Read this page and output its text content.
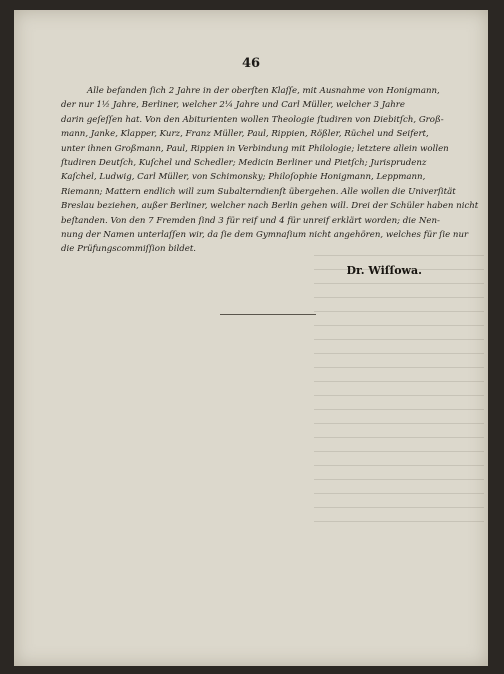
46
Alle befanden ſich 2 Jahre in der oberſten Klaſſe, mit Ausnahme von Honigmann,
der nur 1½ Jahre, Berliner, welcher 2¼ Jahre und Carl Müller, welcher 3 Jahre
darin geſeſſen hat. Von den Abiturienten wollen Theologie ſtudiren von Diebitſch, Groß-
mann, Janke, Klapper, Kurz, Franz Müller, Paul, Rippien, Rößler, Rüchel und Seifert,
unter ihnen Großmann, Paul, Rippien in Verbindung mit Philologie; letztere allein wollen
ſtudiren Deutſch, Kuſchel und Schedler; Medicin Berliner und Pietſch; Jurisprudenz
Kaſchel, Ludwig, Carl Müller, von Schimonsky; Philoſophie Honigmann, Leppmann,
Riemann; Mattern endlich will zum Subalterndienſt übergehen. Alle wollen die Univerſität
Breslau beziehen, außer Berliner, welcher nach Berlin gehen will. Drei der Schüler haben nicht
beſtanden. Von den 7 Fremden ſind 3 für reif und 4 für unreif erklärt worden; die Nen-
nung der Namen unterlaſſen wir, da ſie dem Gymnaſium nicht angehören, welches für ſie nur
die Prüfungscommiſſion bildet.
Dr. Wiſſowa.
